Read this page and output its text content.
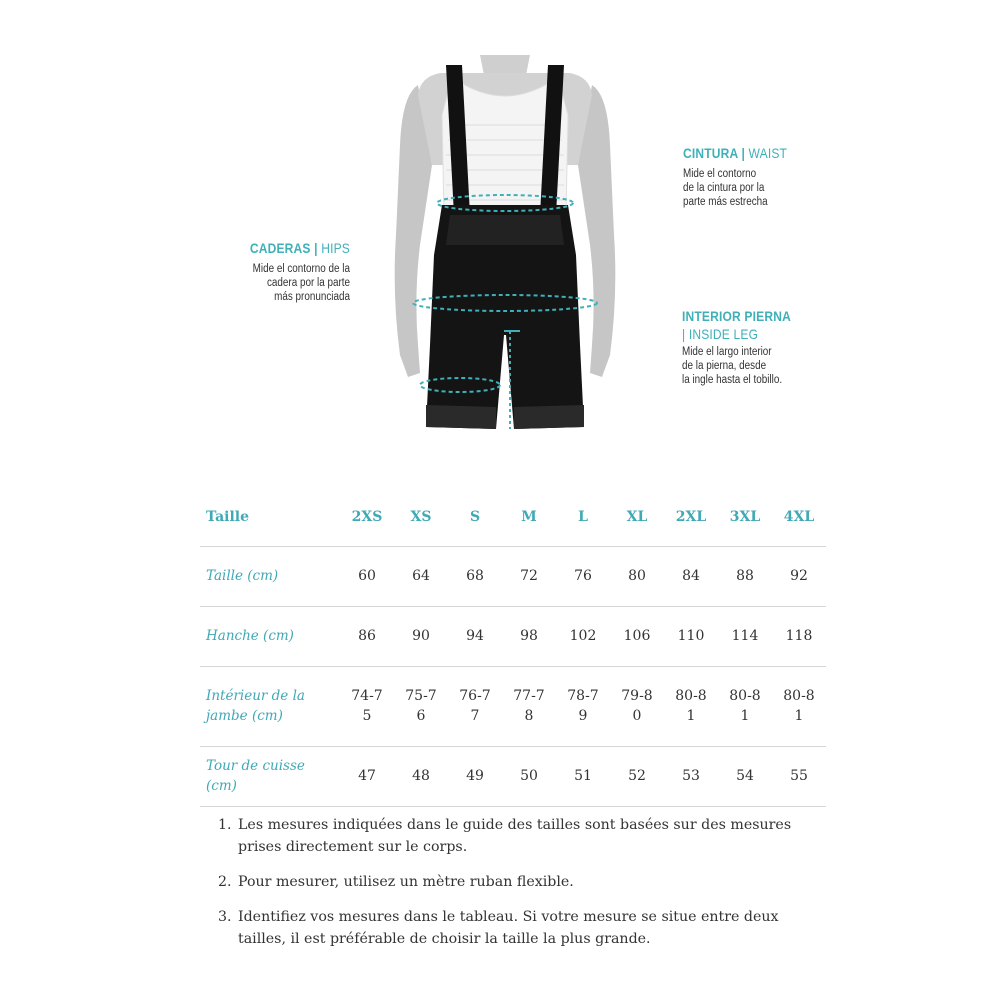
CINTURA | WAIST
Mide el contorno
de la cintura por la
parte más estrecha
CADERAS | HIPS
Mide el contorno de la
cadera por la parte
más pronunciada
INTERIOR PIERNA
| INSIDE LEG
Mide el largo interior
de la pierna, desde
la ingle hasta el tobillo.
Taille	2XS	XS	S	M	L	XL	2XL	3XL	4XL
Taille (cm)	60	64	68	72	76	80	84	88	92
Hanche (cm)	86	90	94	98	102	106	110	114	118
Intérieur de la jambe (cm)	74-75	75-76	76-77	77-78	78-79	79-80	80-81	80-81	80-81
Tour de cuisse (cm)	47	48	49	50	51	52	53	54	55
1. Les mesures indiquées dans le guide des tailles sont basées sur des mesures prises directement sur le corps.
2. Pour mesurer, utilisez un mètre ruban flexible.
3. Identifiez vos mesures dans le tableau. Si votre mesure se situe entre deux tailles, il est préférable de choisir la taille la plus grande.
